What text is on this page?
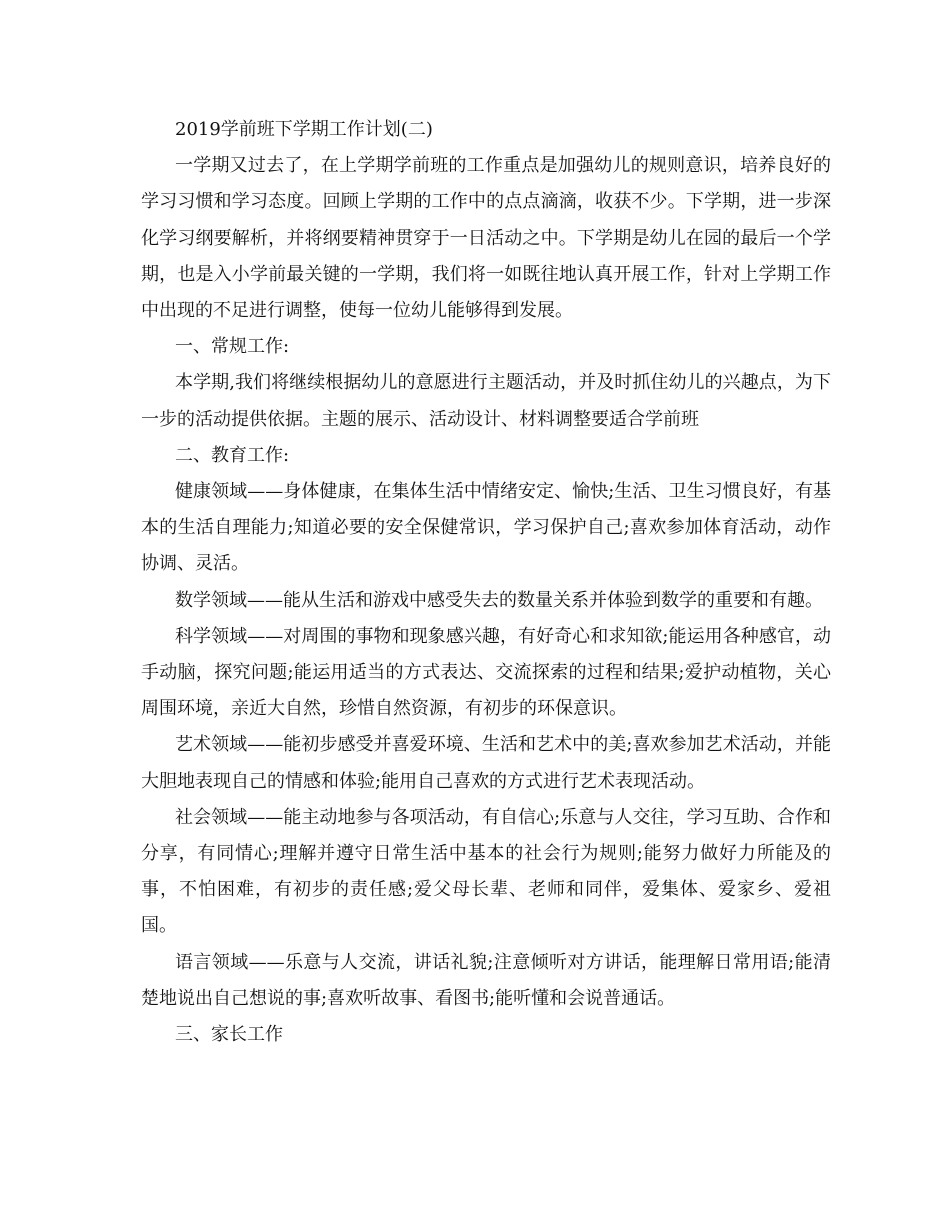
2019学前班下学期工作计划(二)

一学期又过去了，在上学期学前班的工作重点是加强幼儿的规则意识，培养良好的学习习惯和学习态度。回顾上学期的工作中的点点滴滴，收获不少。下学期，进一步深化学习纲要解析，并将纲要精神贯穿于一日活动之中。下学期是幼儿在园的最后一个学期，也是入小学前最关键的一学期，我们将一如既往地认真开展工作，针对上学期工作中出现的不足进行调整，使每一位幼儿能够得到发展。

一、常规工作:

本学期,我们将继续根据幼儿的意愿进行主题活动，并及时抓住幼儿的兴趣点，为下一步的活动提供依据。主题的展示、活动设计、材料调整要适合学前班

二、教育工作:

健康领域——身体健康，在集体生活中情绪安定、愉快;生活、卫生习惯良好，有基本的生活自理能力;知道必要的安全保健常识，学习保护自己;喜欢参加体育活动，动作协调、灵活。

数学领域——能从生活和游戏中感受失去的数量关系并体验到数学的重要和有趣。

科学领域——对周围的事物和现象感兴趣，有好奇心和求知欲;能运用各种感官，动手动脑，探究问题;能运用适当的方式表达、交流探索的过程和结果;爱护动植物，关心周围环境，亲近大自然，珍惜自然资源，有初步的环保意识。

艺术领域——能初步感受并喜爱环境、生活和艺术中的美;喜欢参加艺术活动，并能大胆地表现自己的情感和体验;能用自己喜欢的方式进行艺术表现活动。

社会领域——能主动地参与各项活动，有自信心;乐意与人交往，学习互助、合作和分享，有同情心;理解并遵守日常生活中基本的社会行为规则;能努力做好力所能及的事，不怕困难，有初步的责任感;爱父母长辈、老师和同伴，爱集体、爱家乡、爱祖国。

语言领域——乐意与人交流，讲话礼貌;注意倾听对方讲话，能理解日常用语;能清楚地说出自己想说的事;喜欢听故事、看图书;能听懂和会说普通话。

三、家长工作
